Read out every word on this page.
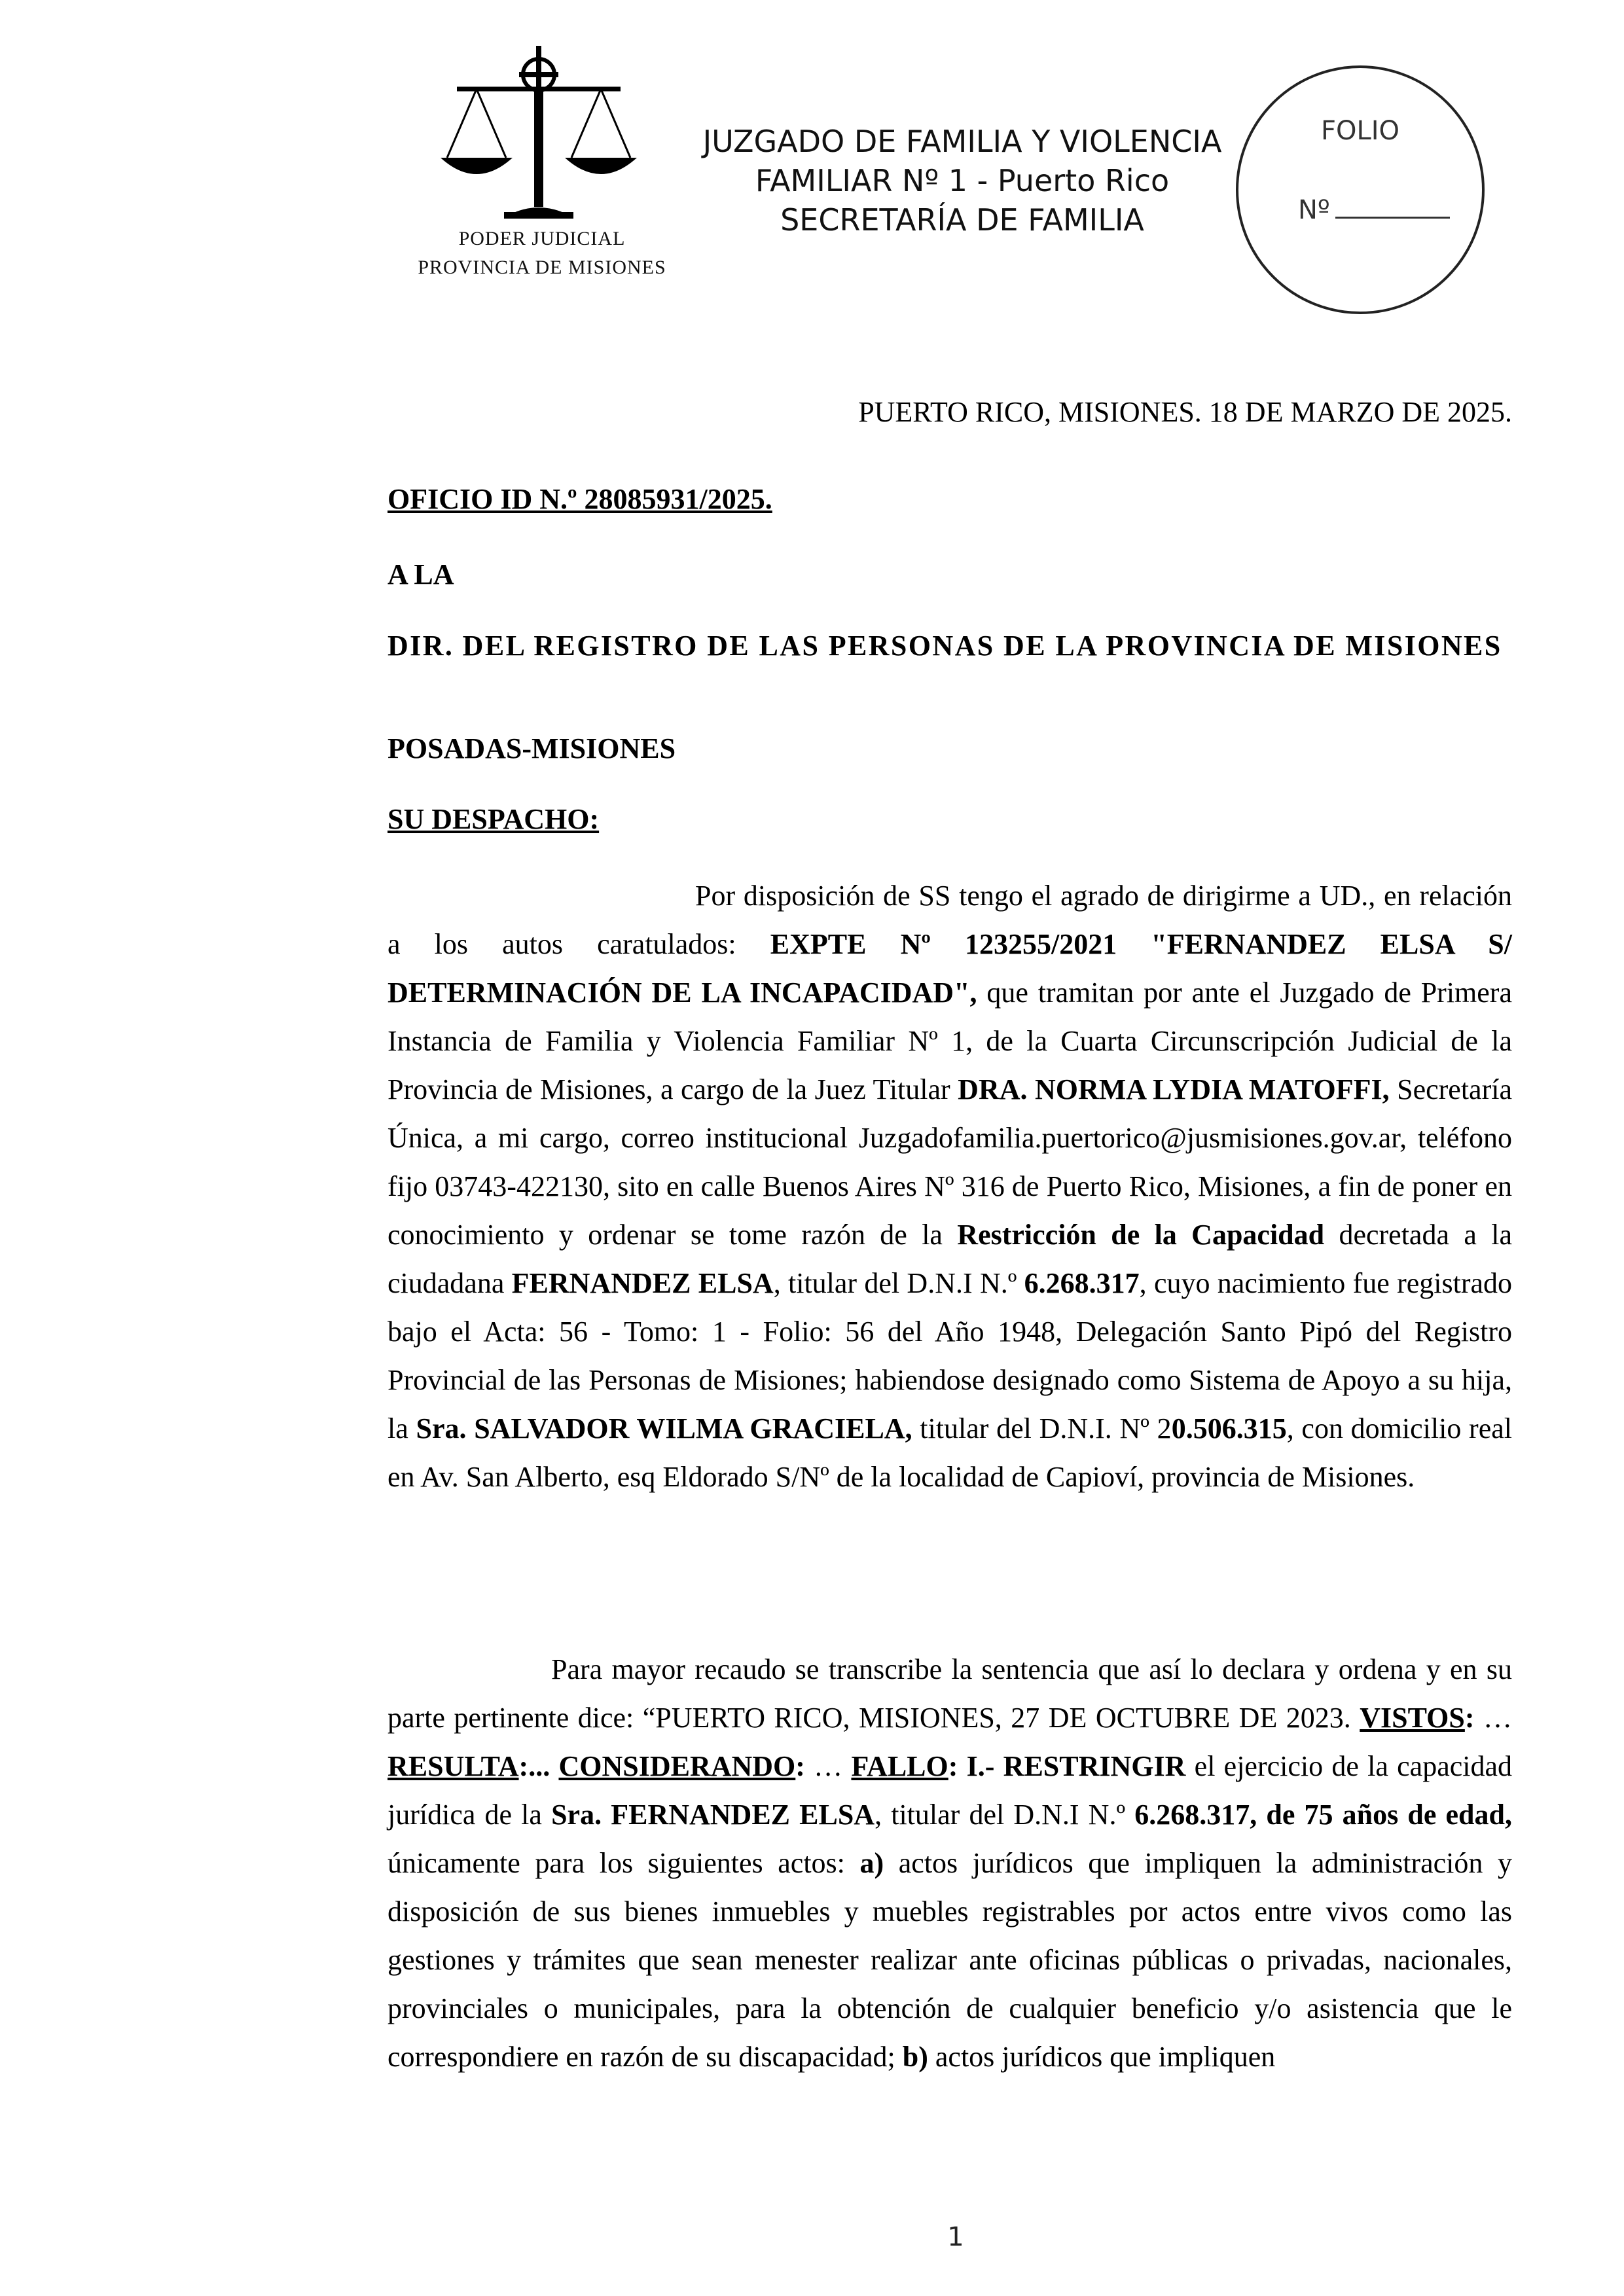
PODER JUDICIAL
PROVINCIA DE MISIONES
JUZGADO DE FAMILIA Y VIOLENCIA
FAMILIAR Nº 1 - Puerto Rico
SECRETARÍA DE FAMILIA
FOLIO
Nº
PUERTO RICO, MISIONES. 18 DE MARZO DE 2025.
OFICIO ID N.º 28085931/2025.
A LA
DIR. DEL REGISTRO DE LAS PERSONAS DE LA PROVINCIA DE MISIONES
POSADAS-MISIONES
SU DESPACHO:
Por disposición de SS tengo el agrado de dirigirme a UD., en relación a los autos caratulados: EXPTE Nº 123255/2021 "FERNANDEZ ELSA S/ DETERMINACIÓN DE LA INCAPACIDAD", que tramitan por ante el Juzgado de Primera Instancia de Familia y Violencia Familiar Nº 1, de la Cuarta Circunscripción Judicial de la Provincia de Misiones, a cargo de la Juez Titular DRA. NORMA LYDIA MATOFFI, Secretaría Única, a mi cargo, correo institucional Juzgadofamilia.puertorico@jusmisiones.gov.ar, teléfono fijo 03743-422130, sito en calle Buenos Aires Nº 316 de Puerto Rico, Misiones, a fin de poner en conocimiento y ordenar se tome razón de la Restricción de la Capacidad decretada a la ciudadana FERNANDEZ ELSA, titular del D.N.I N.º 6.268.317, cuyo nacimiento fue registrado bajo el Acta: 56 - Tomo: 1 - Folio: 56 del Año 1948, Delegación Santo Pipó del Registro Provincial de las Personas de Misiones; habiendose designado como Sistema de Apoyo a su hija, la Sra. SALVADOR WILMA GRACIELA, titular del D.N.I. Nº 20.506.315, con domicilio real en Av. San Alberto, esq Eldorado S/Nº de la localidad de Capioví, provincia de Misiones.
Para mayor recaudo se transcribe la sentencia que así lo declara y ordena y en su parte pertinente dice: “PUERTO RICO, MISIONES, 27 DE OCTUBRE DE 2023. VISTOS: … RESULTA:... CONSIDERANDO: … FALLO: I.- RESTRINGIR el ejercicio de la capacidad jurídica de la Sra. FERNANDEZ ELSA, titular del D.N.I N.º 6.268.317, de 75 años de edad, únicamente para los siguientes actos: a) actos jurídicos que impliquen la administración y disposición de sus bienes inmuebles y muebles registrables por actos entre vivos como las gestiones y trámites que sean menester realizar ante oficinas públicas o privadas, nacionales, provinciales o municipales, para la obtención de cualquier beneficio y/o asistencia que le correspondiere en razón de su discapacidad; b) actos jurídicos que impliquen
1
